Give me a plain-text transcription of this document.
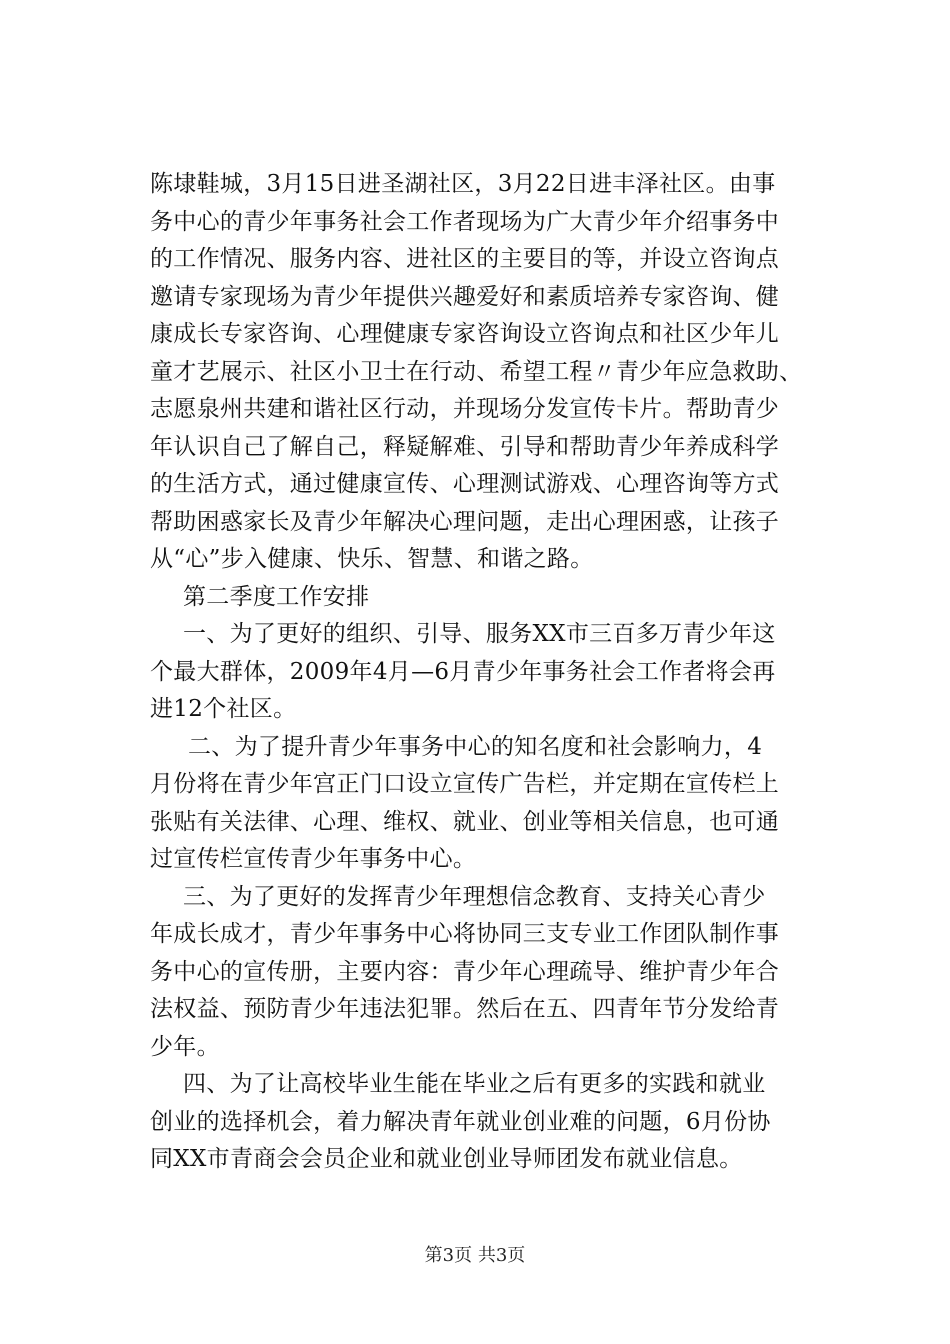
陈埭鞋城，3月15日进圣湖社区，3月22日进丰泽社区。由事
务中心的青少年事务社会工作者现场为广大青少年介绍事务中
的工作情况、服务内容、进社区的主要目的等，并设立咨询点
邀请专家现场为青少年提供兴趣爱好和素质培养专家咨询、健
康成长专家咨询、心理健康专家咨询设立咨询点和社区少年儿
童才艺展示、社区小卫士在行动、希望工程〃青少年应急救助、
志愿泉州共建和谐社区行动，并现场分发宣传卡片。帮助青少
年认识自己了解自己，释疑解难、引导和帮助青少年养成科学
的生活方式，通过健康宣传、心理测试游戏、心理咨询等方式
帮助困惑家长及青少年解决心理问题，走出心理困惑，让孩子
从“心”步入健康、快乐、智慧、和谐之路。
第二季度工作安排
一、为了更好的组织、引导、服务XX市三百多万青少年这
个最大群体，2009年4月—6月青少年事务社会工作者将会再
进12个社区。
二、为了提升青少年事务中心的知名度和社会影响力，4
月份将在青少年宫正门口设立宣传广告栏，并定期在宣传栏上
张贴有关法律、心理、维权、就业、创业等相关信息，也可通
过宣传栏宣传青少年事务中心。
三、为了更好的发挥青少年理想信念教育、支持关心青少
年成长成才，青少年事务中心将协同三支专业工作团队制作事
务中心的宣传册，主要内容：青少年心理疏导、维护青少年合
法权益、预防青少年违法犯罪。然后在五、四青年节分发给青
少年。
四、为了让高校毕业生能在毕业之后有更多的实践和就业
创业的选择机会，着力解决青年就业创业难的问题，6月份协
同XX市青商会会员企业和就业创业导师团发布就业信息。
第3页 共3页
